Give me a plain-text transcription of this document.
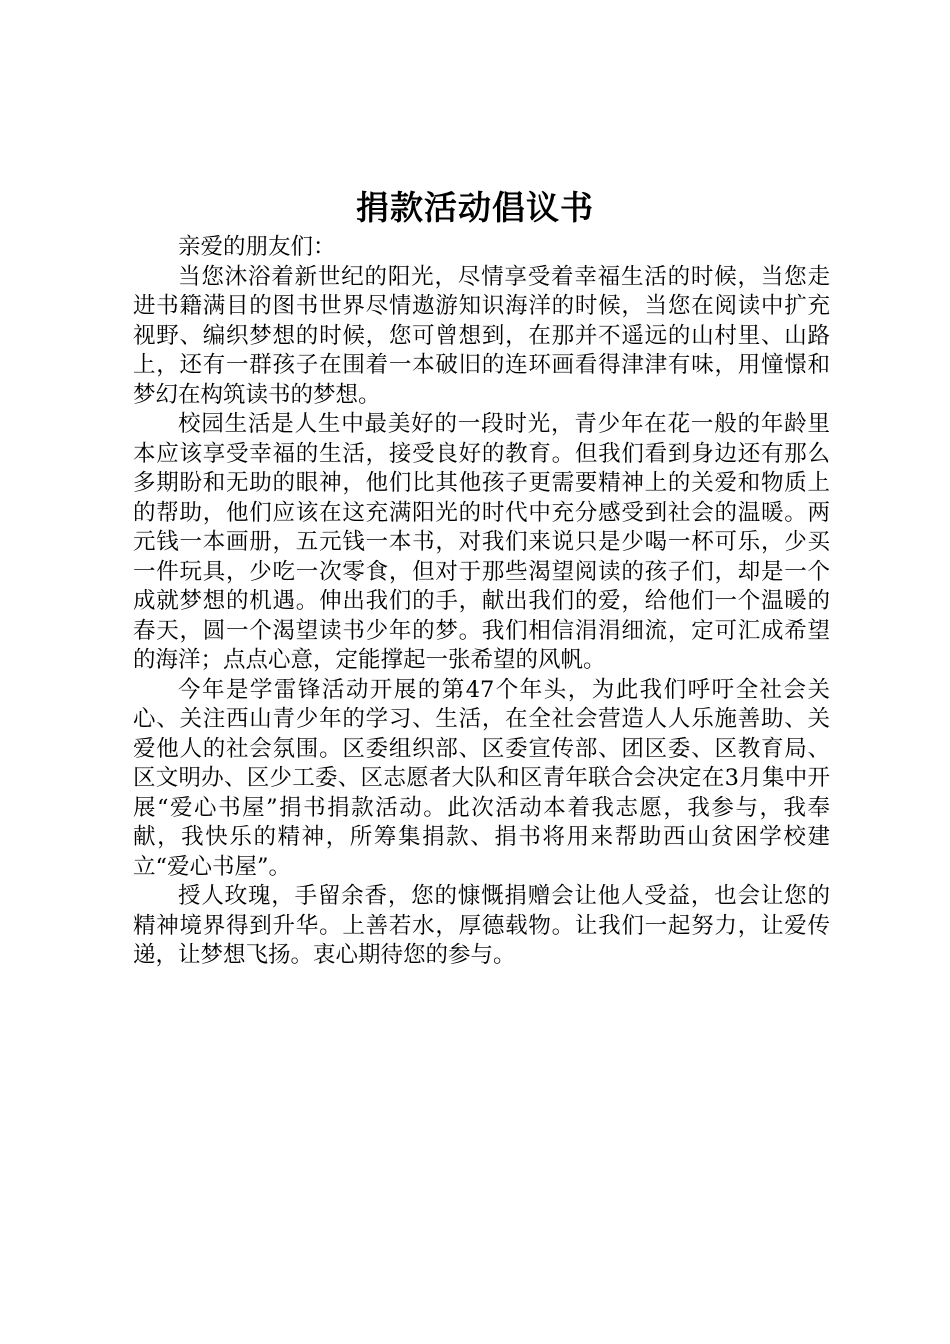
捐款活动倡议书

亲爱的朋友们：

当您沐浴着新世纪的阳光，尽情享受着幸福生活的时候，当您走进书籍满目的图书世界尽情遨游知识海洋的时候，当您在阅读中扩充视野、编织梦想的时候，您可曾想到，在那并不遥远的山村里、山路上，还有一群孩子在围着一本破旧的连环画看得津津有味，用憧憬和梦幻在构筑读书的梦想。

校园生活是人生中最美好的一段时光，青少年在花一般的年龄里本应该享受幸福的生活，接受良好的教育。但我们看到身边还有那么多期盼和无助的眼神，他们比其他孩子更需要精神上的关爱和物质上的帮助，他们应该在这充满阳光的时代中充分感受到社会的温暖。两元钱一本画册，五元钱一本书，对我们来说只是少喝一杯可乐，少买一件玩具，少吃一次零食，但对于那些渴望阅读的孩子们，却是一个成就梦想的机遇。伸出我们的手，献出我们的爱，给他们一个温暖的春天，圆一个渴望读书少年的梦。我们相信涓涓细流，定可汇成希望的海洋；点点心意，定能撑起一张希望的风帆。

今年是学雷锋活动开展的第47个年头，为此我们呼吁全社会关心、关注西山青少年的学习、生活，在全社会营造人人乐施善助、关爱他人的社会氛围。区委组织部、区委宣传部、团区委、区教育局、区文明办、区少工委、区志愿者大队和区青年联合会决定在3月集中开展“爱心书屋”捐书捐款活动。此次活动本着我志愿，我参与，我奉献，我快乐的精神，所筹集捐款、捐书将用来帮助西山贫困学校建立“爱心书屋”。

授人玫瑰，手留余香，您的慷慨捐赠会让他人受益，也会让您的精神境界得到升华。上善若水，厚德载物。让我们一起努力，让爱传递，让梦想飞扬。衷心期待您的参与。
